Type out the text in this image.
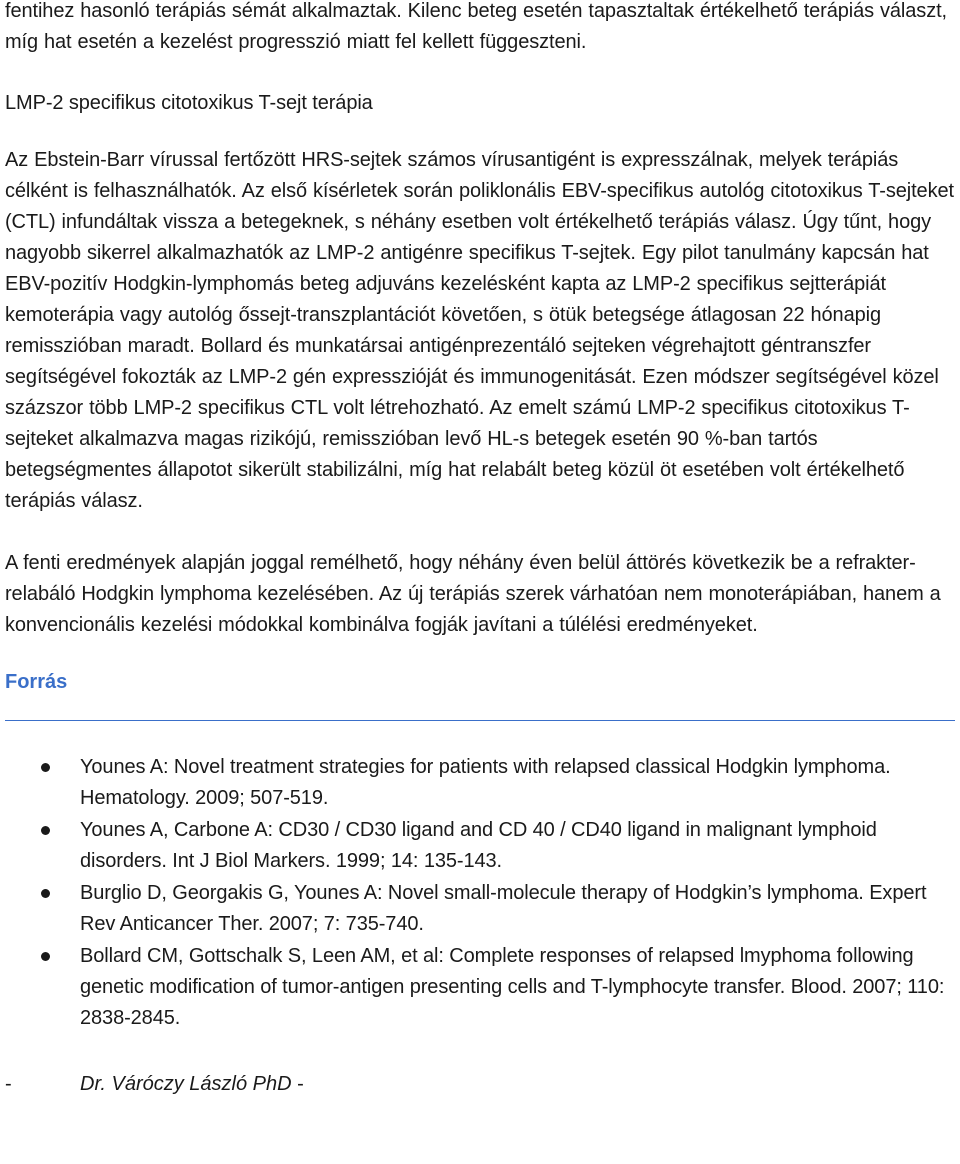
fentihez hasonló terápiás sémát alkalmaztak. Kilenc beteg esetén tapasztaltak értékelhető terápiás választ, míg hat esetén a kezelést progresszió miatt fel kellett függeszteni.

LMP-2 specifikus citotoxikus T-sejt terápia

Az Ebstein-Barr vírussal fertőzött HRS-sejtek számos vírusantigént is expresszálnak, melyek terápiás célként is felhasználhatók. Az első kísérletek során poliklonális EBV-specifikus autológ citotoxikus T-sejteket (CTL) infundáltak vissza a betegeknek, s néhány esetben volt értékelhető terápiás válasz. Úgy tűnt, hogy nagyobb sikerrel alkalmazhatók az LMP-2 antigénre specifikus T-sejtek. Egy pilot tanulmány kapcsán hat EBV-pozitív Hodgkin-lymphomás beteg adjuváns kezelésként kapta az LMP-2 specifikus sejtterápiát kemoterápia vagy autológ őssejt-transzplantációt követően, s ötük betegsége átlagosan 22 hónapig remisszióban maradt. Bollard és munkatársai antigénprezentáló sejteken végrehajtott géntranszfer segítségével fokozták az LMP-2 gén expresszióját és immunogenitását. Ezen módszer segítségével közel százszor több LMP-2 specifikus CTL volt létrehozható. Az emelt számú LMP-2 specifikus citotoxikus T-sejteket alkalmazva magas rizikójú, remisszióban levő HL-s betegek esetén 90 %-ban tartós betegségmentes állapotot sikerült stabilizálni, míg hat relabált beteg közül öt esetében volt értékelhető terápiás válasz.

A fenti eredmények alapján joggal remélhető, hogy néhány éven belül áttörés következik be a refrakter-relabáló Hodgkin lymphoma kezelésében. Az új terápiás szerek várhatóan nem monoterápiában, hanem a konvencionális kezelési módokkal kombinálva fogják javítani a túlélési eredményeket.

Forrás
Younes A: Novel treatment strategies for patients with relapsed classical Hodgkin lymphoma. Hematology. 2009; 507-519.
Younes A, Carbone A: CD30 / CD30 ligand and CD 40 / CD40 ligand in malignant lymphoid disorders. Int J Biol Markers. 1999; 14: 135-143.
Burglio D, Georgakis G, Younes A: Novel small-molecule therapy of Hodgkin’s lymphoma. Expert Rev Anticancer Ther. 2007; 7: 735-740.
Bollard CM, Gottschalk S, Leen AM, et al: Complete responses of relapsed lmyphoma following genetic modification of tumor-antigen presenting cells and T-lymphocyte transfer. Blood. 2007; 110: 2838-2845.
-	Dr. Váróczy László PhD -
